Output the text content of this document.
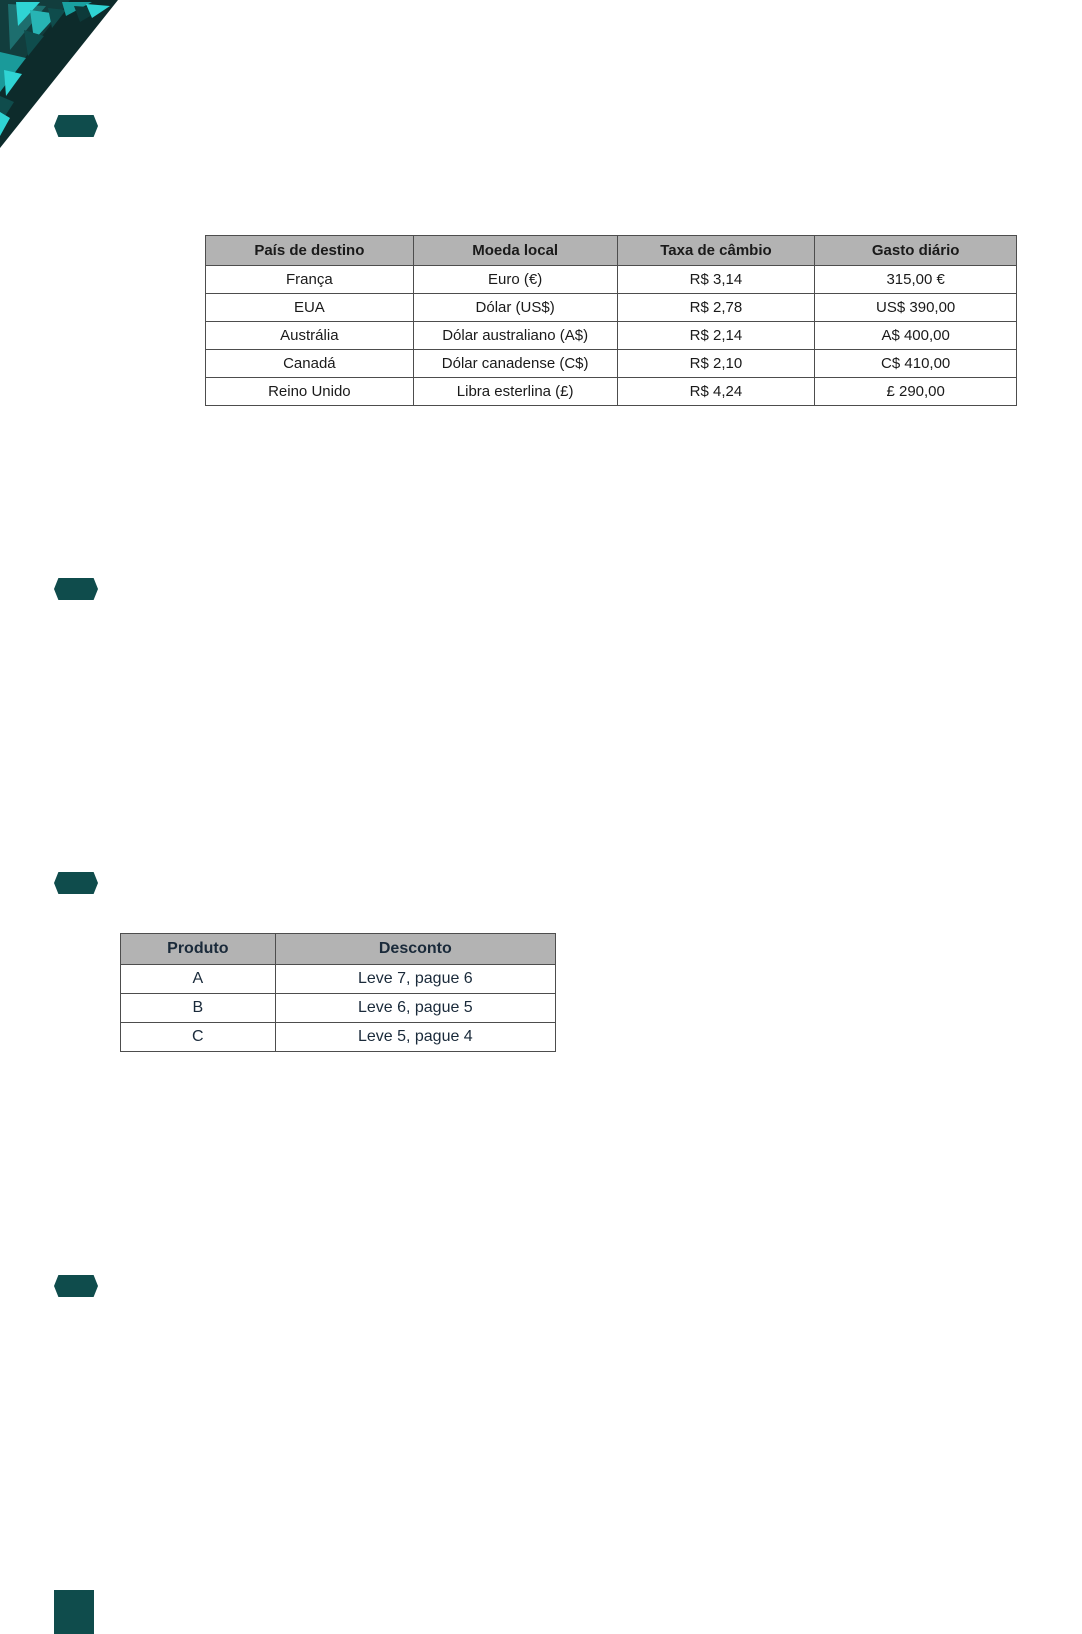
País de destino	Moeda local	Taxa de câmbio	Gasto diário
França	Euro (€)	R$ 3,14	315,00 €
EUA	Dólar (US$)	R$ 2,78	US$ 390,00
Austrália	Dólar australiano (A$)	R$ 2,14	A$ 400,00
Canadá	Dólar canadense (C$)	R$ 2,10	C$ 410,00
Reino Unido	Libra esterlina (£)	R$ 4,24	£ 290,00
Produto	Desconto
A	Leve 7, pague 6
B	Leve 6, pague 5
C	Leve 5, pague 4
